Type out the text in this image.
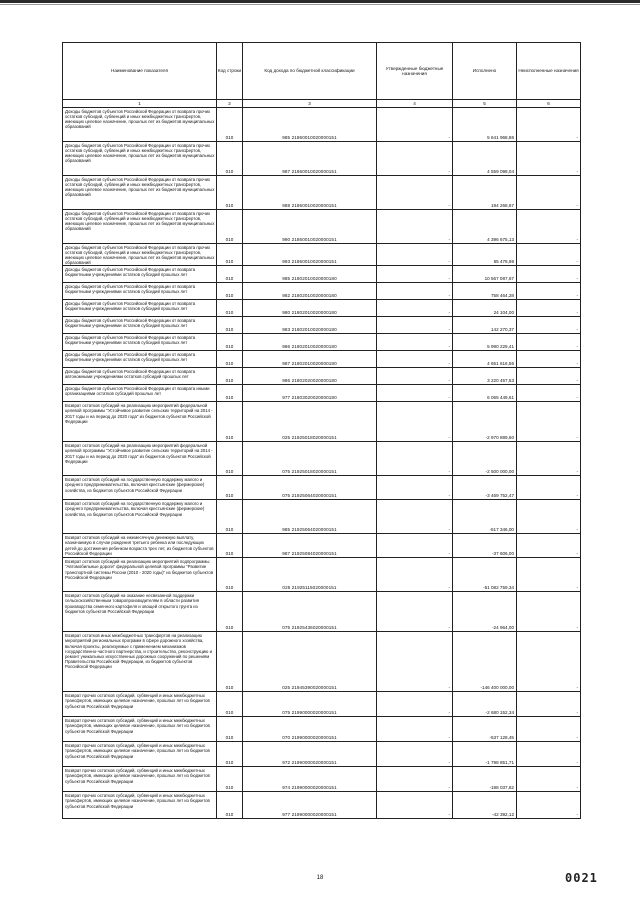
Наименование показателя	Код строки	Код дохода по бюджетной классификации	Утвержденные бюджетные назначения	Исполнено	Неисполненные назначения
1	2	3	4	5	6
Доходы бюджетов субъектов Российской Федерации от возврата прочих остатков субсидий, субвенций и иных межбюджетных трансфертов, имеющих целевое назначение, прошлых лет из бюджетов муниципальных образований	010	985 21860010020000151	-	5 641 968,86	-
Доходы бюджетов субъектов Российской Федерации от возврата прочих остатков субсидий, субвенций и иных межбюджетных трансфертов, имеющих целевое назначение, прошлых лет из бюджетов муниципальных образований	010	987 21860010020000151	-	4 559 098,04	-
Доходы бюджетов субъектов Российской Федерации от возврата прочих остатков субсидий, субвенций и иных межбюджетных трансфертов, имеющих целевое назначение, прошлых лет из бюджетов муниципальных образований	010	988 21860010020000151	-	194 268,67	-
Доходы бюджетов субъектов Российской Федерации от возврата прочих остатков субсидий, субвенций и иных межбюджетных трансфертов, имеющих целевое назначение, прошлых лет из бюджетов муниципальных образований	010	990 21860010020000151	-	4 396 675,13	-
Доходы бюджетов субъектов Российской Федерации от возврата прочих остатков субсидий, субвенций и иных межбюджетных трансфертов, имеющих целевое назначение, прошлых лет из бюджетов муниципальных образований	010	993 21860010020000151	-	65 478,98	-
Доходы бюджетов субъектов Российской Федерации от возврата бюджетными учреждениями остатков субсидий прошлых лет	010	985 21802010020000180	-	10 567 087,67	-
Доходы бюджетов субъектов Российской Федерации от возврата бюджетными учреждениями остатков субсидий прошлых лет	010	982 21802010020000180	-	758 464,28	-
Доходы бюджетов субъектов Российской Федерации от возврата бюджетными учреждениями остатков субсидий прошлых лет	010	980 21802010020000180	-	24 104,00	-
Доходы бюджетов субъектов Российской Федерации от возврата бюджетными учреждениями остатков субсидий прошлых лет	010	983 21802010020000180	-	142 270,37	-
Доходы бюджетов субъектов Российской Федерации от возврата бюджетными учреждениями остатков субсидий прошлых лет	010	986 21802010020000180	-	5 990 229,41	-
Доходы бюджетов субъектов Российской Федерации от возврата бюджетными учреждениями остатков субсидий прошлых лет	010	987 21802010020000180	-	4 651 616,56	-
Доходы бюджетов субъектов Российской Федерации от возврата автономными учреждениями остатков субсидий прошлых лет	010	986 21802020020000180	-	3 220 457,53	-
Доходы бюджетов субъектов Российской Федерации от возврата иными организациями остатков субсидий прошлых лет	010	977 21803020020000180	-	6 065 449,61	-
Возврат остатков субсидий на реализацию мероприятий федеральной целевой программы "Устойчивое развитие сельских территорий на 2014 - 2017 годы и на период до 2020 года" из бюджетов субъектов Российской Федерации	010	025 21925018020000151	-	-2 970 889,60	-
Возврат остатков субсидий на реализацию мероприятий федеральной целевой программы "Устойчивое развитие сельских территорий на 2014 - 2017 годы и на период до 2020 года" из бюджетов субъектов Российской Федерации	010	075 21925018020000151	-	-2 500 000,00	-
Возврат остатков субсидий на государственную поддержку малого и среднего предпринимательства, включая крестьянские (фермерские) хозяйства, из бюджетов субъектов Российской Федерации	010	075 21925064020000151	-	-3 469 752,47	-
Возврат остатков субсидий на государственную поддержку малого и среднего предпринимательства, включая крестьянские (фермерские) хозяйства, из бюджетов субъектов Российской Федерации	010	985 21925064020000151	-	-517 346,00	-
Возврат остатков субсидий на ежемесячную денежную выплату, назначаемую в случае рождения третьего ребенка или последующих детей до достижения ребенком возраста трех лет, из бюджетов субъектов Российской Федерации	010	987 21925084020000151	-	-37 606,00	-
Возврат остатков субсидий на реализацию мероприятий подпрограммы "Автомобильные дороги" федеральной целевой программы "Развитие транспортной системы России (2010 - 2020 годы)" из бюджетов субъектов Российской Федерации	010	025 21925115020000151	-	-51 082 759,34	-
Возврат остатков субсидий на оказание несвязанной поддержки сельскохозяйственным товаропроизводителям в области развития производства семенного картофеля и овощей открытого грунта из бюджетов субъектов Российской Федерации	010	075 21925436020000151	-	-24 964,00	-
Возврат остатков иных межбюджетных трансфертов на реализацию мероприятий региональных программ в сфере дорожного хозяйства, включая проекты, реализуемые с применением механизмов государственно-частного партнерства, и строительство, реконструкцию и ремонт уникальных искусственных дорожных сооружений по решениям Правительства Российской Федерации, из бюджетов субъектов Российской Федерации	010	025 21945390020000151	-	-146 400 000,00	-
Возврат прочих остатков субсидий, субвенций и иных межбюджетных трансфертов, имеющих целевое назначение, прошлых лет из бюджетов субъектов Российской Федерации	010	075 21990000020000151	-	-2 680 152,34	-
Возврат прочих остатков субсидий, субвенций и иных межбюджетных трансфертов, имеющих целевое назначение, прошлых лет из бюджетов субъектов Российской Федерации	010	070 21990000020000151	-	-537 128,45	-
Возврат прочих остатков субсидий, субвенций и иных межбюджетных трансфертов, имеющих целевое назначение, прошлых лет из бюджетов субъектов Российской Федерации	010	972 21990000020000151	-	-1 798 851,71	-
Возврат прочих остатков субсидий, субвенций и иных межбюджетных трансфертов, имеющих целевое назначение, прошлых лет из бюджетов субъектов Российской Федерации	010	974 21990000020000151	-	-198 037,62	-
Возврат прочих остатков субсидий, субвенций и иных межбюджетных трансфертов, имеющих целевое назначение, прошлых лет из бюджетов субъектов Российской Федерации	010	977 21990000020000151	-	-42 392,12	-
18	0021
